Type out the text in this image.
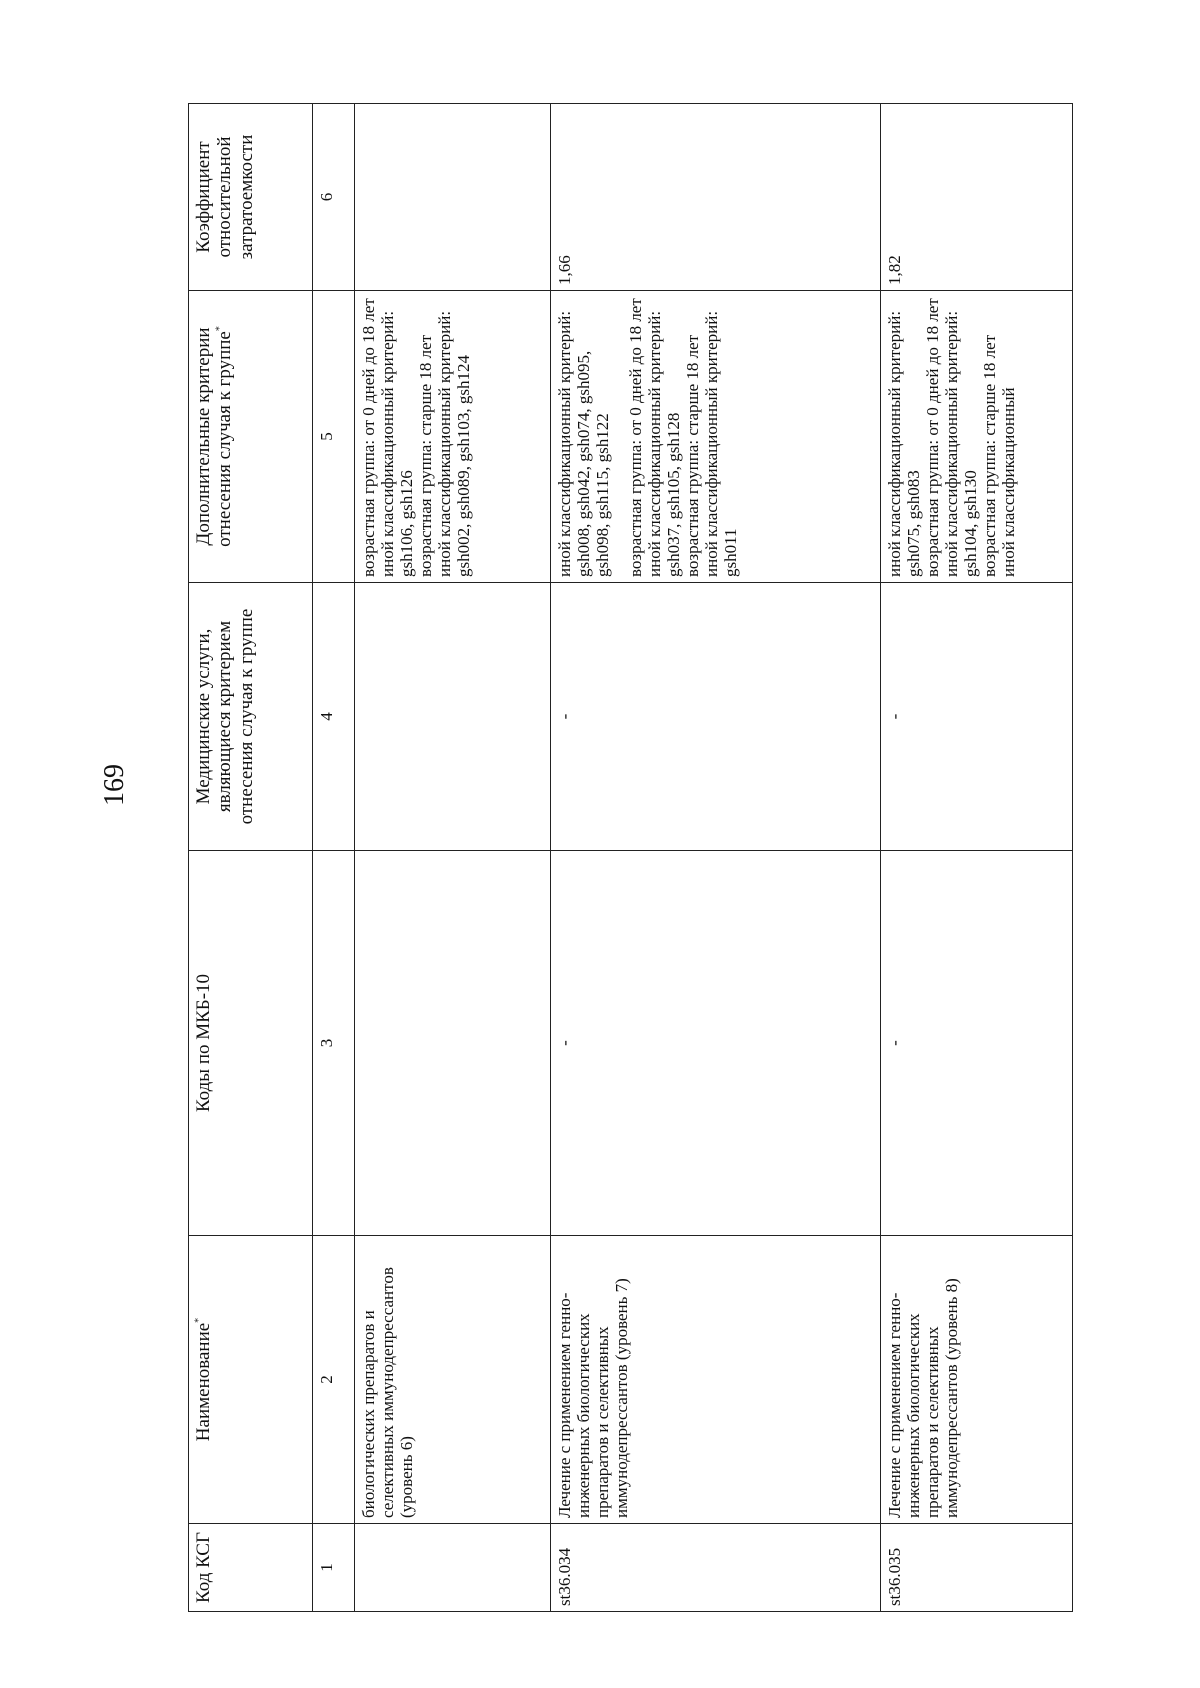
169
Код КСГ	Наименование*	Коды по МКБ-10	Медицинские услуги, являющиеся критерием отнесения случая к группе	Дополнительные критерии отнесения случая к группе*	Коэффициент относительной затратоемкости
1	2	3	4	5	6
	биологических препаратов и селективных иммунодепрессантов (уровень 6)			возрастная группа: от 0 дней до 18 лет иной классификационный критерий: gsh106, gsh126 возрастная группа: старше 18 лет иной классификационный критерий: gsh002, gsh089, gsh103, gsh124	

st36.034	Лечение с применением генно-инженерных биологических препаратов и селективных иммунодепрессантов (уровень 7)	-	-	иной классификационный критерий: gsh008, gsh042, gsh074, gsh095, gsh098, gsh115, gsh122 возрастная группа: от 0 дней до 18 лет иной классификационный критерий: gsh037, gsh105, gsh128 возрастная группа: старше 18 лет иной классификационный критерий: gsh011	1,66
st36.035	Лечение с применением генно-инженерных биологических препаратов и селективных иммунодепрессантов (уровень 8)	-	-	иной классификационный критерий: gsh075, gsh083 возрастная группа: от 0 дней до 18 лет иной классификационный критерий: gsh104, gsh130 возрастная группа: старше 18 лет иной классификационный	1,82
